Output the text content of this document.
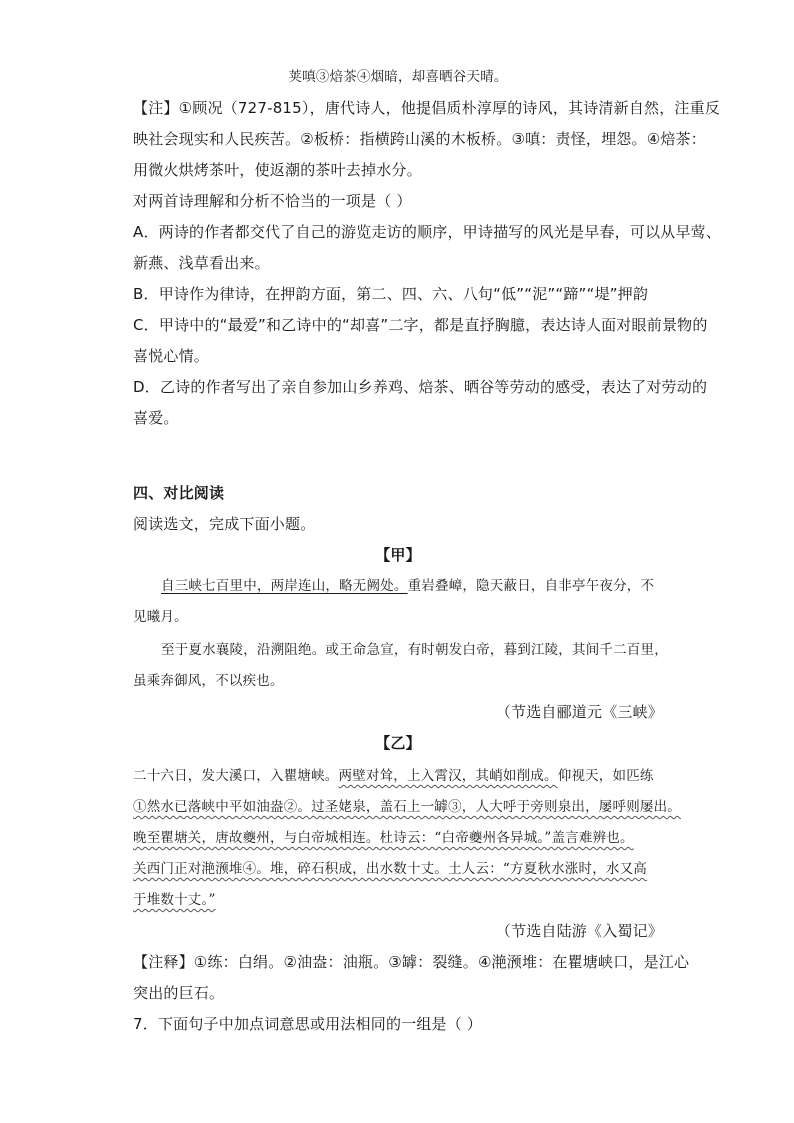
荚嗔③焙茶④烟暗，却喜晒谷天晴。
【注】①顾况（727-815），唐代诗人，他提倡质朴淳厚的诗风，其诗清新自然，注重反
映社会现实和人民疾苦。②板桥：指横跨山溪的木板桥。③嗔：责怪，埋怨。④焙茶：
用微火烘烤茶叶，使返潮的茶叶去掉水分。
对两首诗理解和分析不恰当的一项是（ ）
A．两诗的作者都交代了自己的游览走访的顺序，甲诗描写的风光是早春，可以从早莺、
新燕、浅草看出来。
B．甲诗作为律诗，在押韵方面，第二、四、六、八句“低”“泥”“蹄”“堤”押韵
C．甲诗中的“最爱”和乙诗中的“却喜”二字，都是直抒胸臆，表达诗人面对眼前景物的
喜悦心情。
D．乙诗的作者写出了亲自参加山乡养鸡、焙茶、晒谷等劳动的感受，表达了对劳动的
喜爱。
四、对比阅读
阅读选文，完成下面小题。
【甲】
自三峡七百里中，两岸连山，略无阙处。重岩叠嶂，隐天蔽日，自非亭午夜分，不
见曦月。
至于夏水襄陵，沿溯阻绝。或王命急宣，有时朝发白帝，暮到江陵，其间千二百里，
虽乘奔御风，不以疾也。
（节选自郦道元《三峡》
【乙】
二十六日，发大溪口，入瞿塘峡。两壁对耸，上入霄汉，其峭如削成。仰视天，如匹练
①然水已落峡中平如油盎②。过圣姥泉，盖石上一罅③，人大呼于旁则泉出，屡呼则屡出。
晚至瞿塘关，唐故夔州，与白帝城相连。杜诗云：“白帝夔州各异城。”盖言难辨也。
关西门正对滟滪堆④。堆，碎石积成，出水数十丈。土人云：“方夏秋水涨时，水又高
于堆数十丈。”
（节选自陆游《入蜀记》
【注释】①练：白绢。②油盎：油瓶。③罅：裂缝。④滟滪堆：在瞿塘峡口，是江心
突出的巨石。
7．下面句子中加点词意思或用法相同的一组是（ ）
